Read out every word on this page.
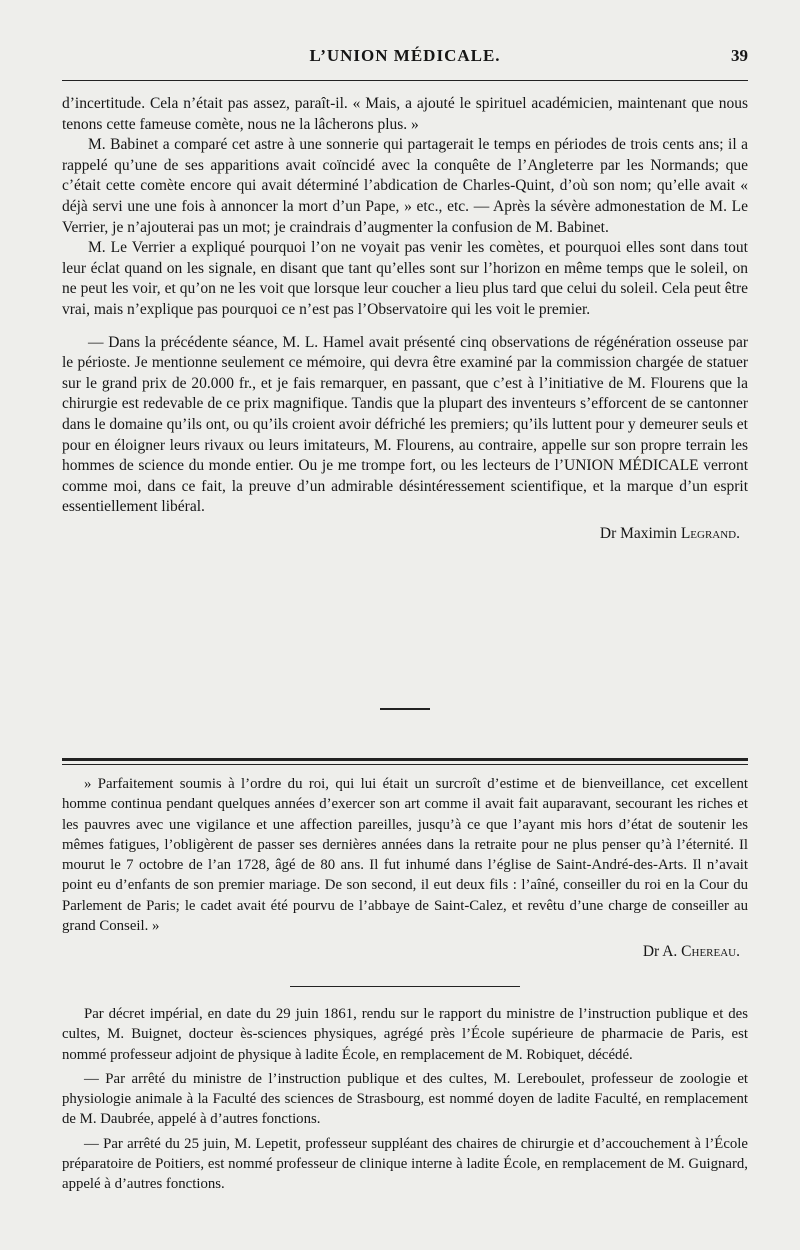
L’UNION MÉDICALE.	39

d’incertitude. Cela n’était pas assez, paraît-il. « Mais, a ajouté le spirituel académicien, maintenant que nous tenons cette fameuse comète, nous ne la lâcherons plus. »

M. Babinet a comparé cet astre à une sonnerie qui partagerait le temps en périodes de trois cents ans; il a rappelé qu’une de ses apparitions avait coïncidé avec la conquête de l’Angleterre par les Normands; que c’était cette comète encore qui avait déterminé l’abdication de Charles-Quint, d’où son nom; qu’elle avait « déjà servi une une fois à annoncer la mort d’un Pape, » etc., etc. — Après la sévère admonestation de M. Le Verrier, je n’ajouterai pas un mot; je craindrais d’augmenter la confusion de M. Babinet.

M. Le Verrier a expliqué pourquoi l’on ne voyait pas venir les comètes, et pourquoi elles sont dans tout leur éclat quand on les signale, en disant que tant qu’elles sont sur l’horizon en même temps que le soleil, on ne peut les voir, et qu’on ne les voit que lorsque leur coucher a lieu plus tard que celui du soleil. Cela peut être vrai, mais n’explique pas pourquoi ce n’est pas l’Observatoire qui les voit le premier.

— Dans la précédente séance, M. L. Hamel avait présenté cinq observations de régénération osseuse par le périoste. Je mentionne seulement ce mémoire, qui devra être examiné par la commission chargée de statuer sur le grand prix de 20.000 fr., et je fais remarquer, en passant, que c’est à l’initiative de M. Flourens que la chirurgie est redevable de ce prix magnifique. Tandis que la plupart des inventeurs s’efforcent de se cantonner dans le domaine qu’ils ont, ou qu’ils croient avoir défriché les premiers; qu’ils luttent pour y demeurer seuls et pour en éloigner leurs rivaux ou leurs imitateurs, M. Flourens, au contraire, appelle sur son propre terrain les hommes de science du monde entier. Ou je me trompe fort, ou les lecteurs de l’UNION MÉDICALE verront comme moi, dans ce fait, la preuve d’un admirable désintéressement scientifique, et la marque d’un esprit essentiellement libéral.

Dr Maximin Legrand.

» Parfaitement soumis à l’ordre du roi, qui lui était un surcroît d’estime et de bienveillance, cet excellent homme continua pendant quelques années d’exercer son art comme il avait fait auparavant, secourant les riches et les pauvres avec une vigilance et une affection pareilles, jusqu’à ce que l’ayant mis hors d’état de soutenir les mêmes fatigues, l’obligèrent de passer ses dernières années dans la retraite pour ne plus penser qu’à l’éternité. Il mourut le 7 octobre de l’an 1728, âgé de 80 ans. Il fut inhumé dans l’église de Saint-André-des-Arts. Il n’avait point eu d’enfants de son premier mariage. De son second, il eut deux fils : l’aîné, conseiller du roi en la Cour du Parlement de Paris; le cadet avait été pourvu de l’abbaye de Saint-Calez, et revêtu d’une charge de conseiller au grand Conseil. »

Dr A. Chereau.

Par décret impérial, en date du 29 juin 1861, rendu sur le rapport du ministre de l’instruction publique et des cultes, M. Buignet, docteur ès-sciences physiques, agrégé près l’École supérieure de pharmacie de Paris, est nommé professeur adjoint de physique à ladite École, en remplacement de M. Robiquet, décédé.

— Par arrêté du ministre de l’instruction publique et des cultes, M. Lereboulet, professeur de zoologie et physiologie animale à la Faculté des sciences de Strasbourg, est nommé doyen de ladite Faculté, en remplacement de M. Daubrée, appelé à d’autres fonctions.

— Par arrêté du 25 juin, M. Lepetit, professeur suppléant des chaires de chirurgie et d’accouchement à l’École préparatoire de Poitiers, est nommé professeur de clinique interne à ladite École, en remplacement de M. Guignard, appelé à d’autres fonctions.
